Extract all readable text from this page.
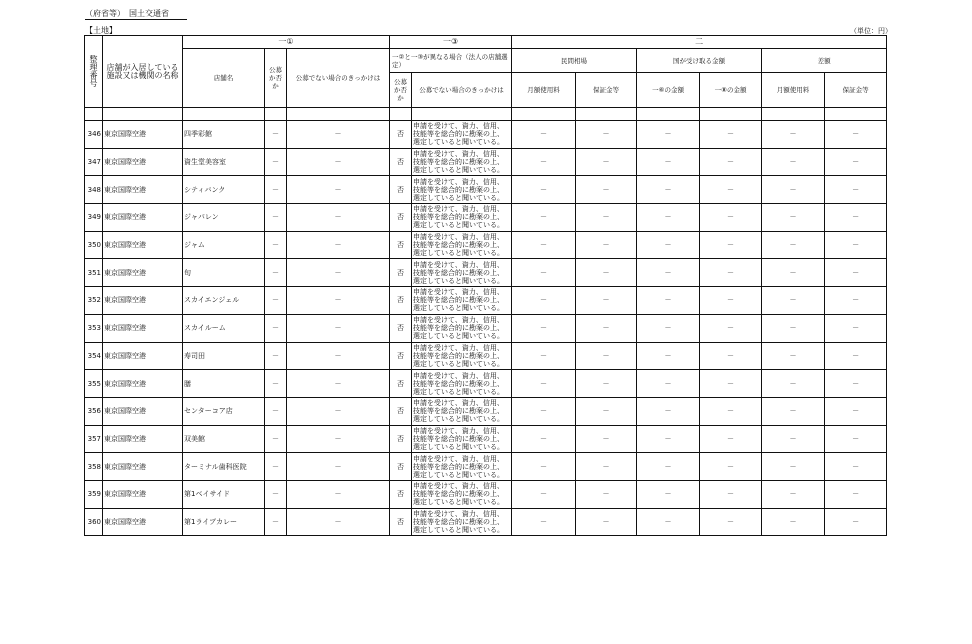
（府省等）　国土交通省
【土地】	（単位：円）
整理番号	店舗が入居している施設又は機関の名称	一①			一③		二					
		店舗名	公募か否か	公募でない場合のきっかけは	一②と一③が異なる場合（法人の店舗選定）		民間相場		国が受け取る金額		差額	
					公募か否か	公募でない場合のきっかけは	月額使用料	保証金等	一⑥の金額	一⑧の金額	月額使用料	保証金等

346	東京国際空港	四季彩館	－	－	否	申請を受けて、資力、信用、技能等を総合的に勘案の上、選定していると聞いている。	－	－	－	－	－	－
347	東京国際空港	資生堂美容室	－	－	否	申請を受けて、資力、信用、技能等を総合的に勘案の上、選定していると聞いている。	－	－	－	－	－	－
348	東京国際空港	シティバンク	－	－	否	申請を受けて、資力、信用、技能等を総合的に勘案の上、選定していると聞いている。	－	－	－	－	－	－
349	東京国際空港	ジャパレン	－	－	否	申請を受けて、資力、信用、技能等を総合的に勘案の上、選定していると聞いている。	－	－	－	－	－	－
350	東京国際空港	ジャム	－	－	否	申請を受けて、資力、信用、技能等を総合的に勘案の上、選定していると聞いている。	－	－	－	－	－	－
351	東京国際空港	旬	－	－	否	申請を受けて、資力、信用、技能等を総合的に勘案の上、選定していると聞いている。	－	－	－	－	－	－
352	東京国際空港	スカイエンジェル	－	－	否	申請を受けて、資力、信用、技能等を総合的に勘案の上、選定していると聞いている。	－	－	－	－	－	－
353	東京国際空港	スカイルーム	－	－	否	申請を受けて、資力、信用、技能等を総合的に勘案の上、選定していると聞いている。	－	－	－	－	－	－
354	東京国際空港	寿司田	－	－	否	申請を受けて、資力、信用、技能等を総合的に勘案の上、選定していると聞いている。	－	－	－	－	－	－
355	東京国際空港	膳	－	－	否	申請を受けて、資力、信用、技能等を総合的に勘案の上、選定していると聞いている。	－	－	－	－	－	－
356	東京国際空港	センターコア店	－	－	否	申請を受けて、資力、信用、技能等を総合的に勘案の上、選定していると聞いている。	－	－	－	－	－	－
357	東京国際空港	双美館	－	－	否	申請を受けて、資力、信用、技能等を総合的に勘案の上、選定していると聞いている。	－	－	－	－	－	－
358	東京国際空港	ターミナル歯科医院	－	－	否	申請を受けて、資力、信用、技能等を総合的に勘案の上、選定していると聞いている。	－	－	－	－	－	－
359	東京国際空港	第1ベイサイド	－	－	否	申請を受けて、資力、信用、技能等を総合的に勘案の上、選定していると聞いている。	－	－	－	－	－	－
360	東京国際空港	第1ライブカレー	－	－	否	申請を受けて、資力、信用、技能等を総合的に勘案の上、選定していると聞いている。	－	－	－	－	－	－
